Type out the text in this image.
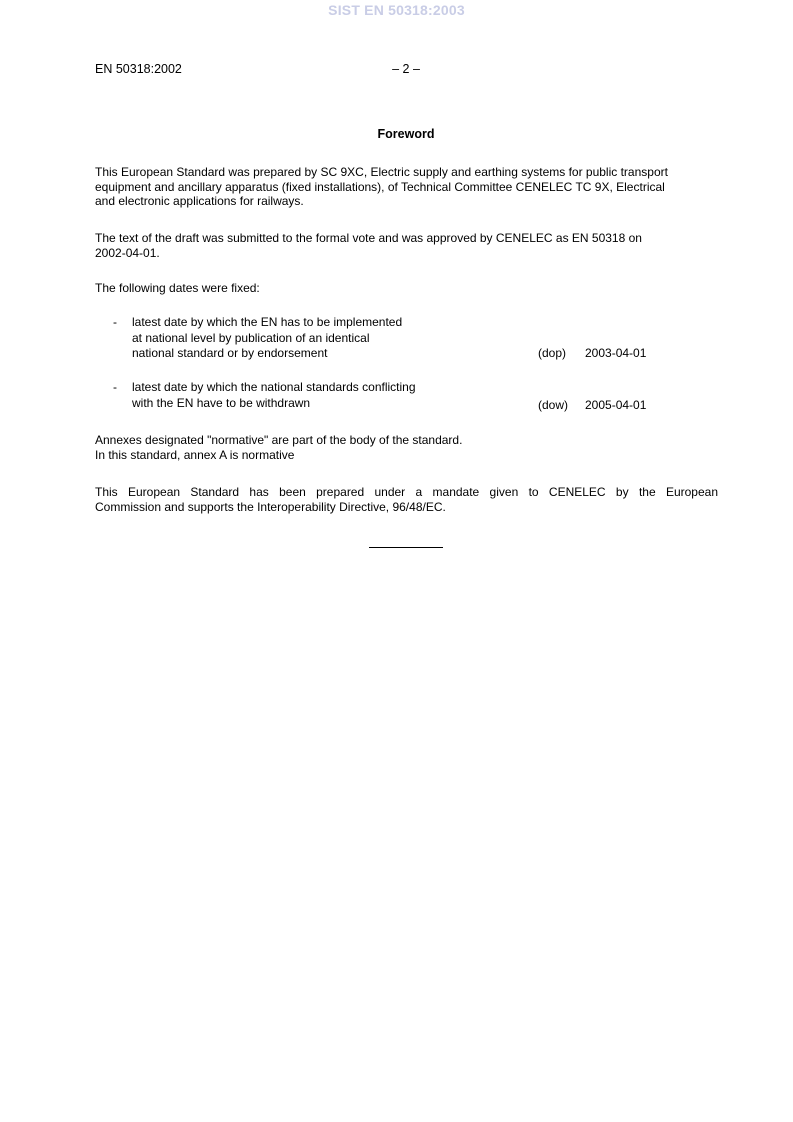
SIST EN 50318:2003
EN 50318:2002	– 2 –
Foreword
This European Standard was prepared by SC 9XC, Electric supply and earthing systems for public transport
equipment and ancillary apparatus (fixed installations), of Technical Committee CENELEC TC 9X, Electrical
and electronic applications for railways.
The text of the draft was submitted to the formal vote and was approved by CENELEC as EN 50318 on
2002-04-01.
The following dates were fixed:
- latest date by which the EN has to be implemented
at national level by publication of an identical
national standard or by endorsement	(dop) 2003-04-01
- latest date by which the national standards conflicting
with the EN have to be withdrawn	(dow) 2005-04-01
Annexes designated "normative" are part of the body of the standard.
In this standard, annex A is normative
This European Standard has been prepared under a mandate given to CENELEC by the European
Commission and supports the Interoperability Directive, 96/48/EC.
